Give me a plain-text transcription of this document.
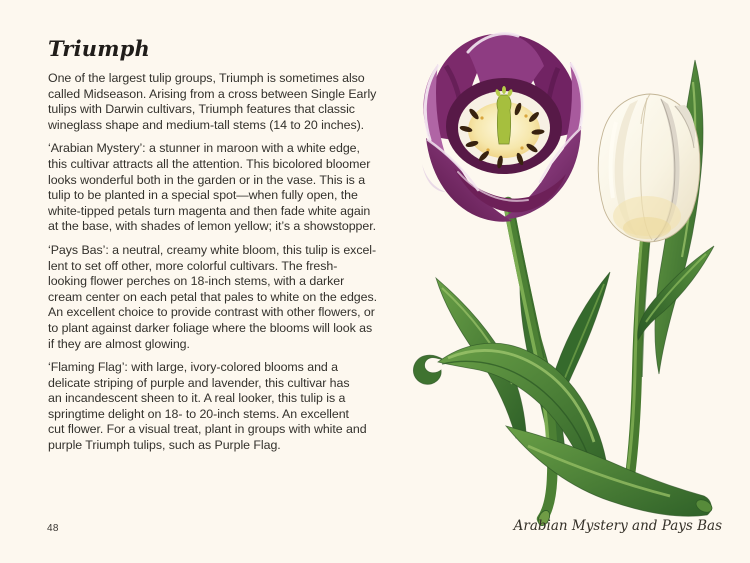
Triumph

One of the largest tulip groups, Triumph is sometimes also
called Midseason. Arising from a cross between Single Early
tulips with Darwin cultivars, Triumph features that classic
wineglass shape and medium-tall stems (14 to 20 inches).

‘Arabian Mystery’: a stunner in maroon with a white edge,
this cultivar attracts all the attention. This bicolored bloomer
looks wonderful both in the garden or in the vase. This is a
tulip to be planted in a special spot—when fully open, the
white-tipped petals turn magenta and then fade white again
at the base, with shades of lemon yellow; it’s a showstopper.

‘Pays Bas’: a neutral, creamy white bloom, this tulip is excel-
lent to set off other, more colorful cultivars. The fresh-
looking flower perches on 18-inch stems, with a darker
cream center on each petal that pales to white on the edges.
An excellent choice to provide contrast with other flowers, or
to plant against darker foliage where the blooms will look as
if they are almost glowing.

‘Flaming Flag’: with large, ivory-colored blooms and a
delicate striping of purple and lavender, this cultivar has
an incandescent sheen to it. A real looker, this tulip is a
springtime delight on 18- to 20-inch stems. An excellent
cut flower. For a visual treat, plant in groups with white and
purple Triumph tulips, such as Purple Flag.

48	Arabian Mystery and Pays Bas
